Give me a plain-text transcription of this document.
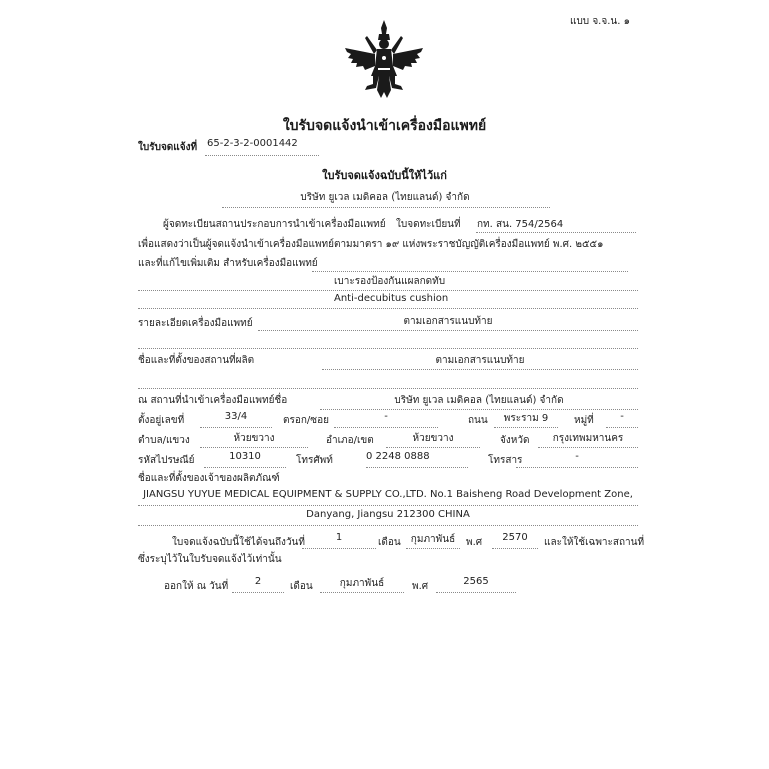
แบบ จ.จ.น. ๑
ใบรับจดแจ้งนำเข้าเครื่องมือแพทย์
ใบรับจดแจ้งที่ 65-2-3-2-0001442
ใบรับจดแจ้งฉบับนี้ให้ไว้แก่
บริษัท ยูเวล เมดิคอล (ไทยแลนด์) จำกัด
ผู้จดทะเบียนสถานประกอบการนำเข้าเครื่องมือแพทย์ ใบจดทะเบียนที่ กท. สน. 754/2564
เพื่อแสดงว่าเป็นผู้จดแจ้งนำเข้าเครื่องมือแพทย์ตามมาตรา ๑๙ แห่งพระราชบัญญัติเครื่องมือแพทย์ พ.ศ. ๒๕๕๑
และที่แก้ไขเพิ่มเติม สำหรับเครื่องมือแพทย์
เบาะรองป้องกันแผลกดทับ
Anti-decubitus cushion
รายละเอียดเครื่องมือแพทย์	ตามเอกสารแนบท้าย
ชื่อและที่ตั้งของสถานที่ผลิต	ตามเอกสารแนบท้าย
ณ สถานที่นำเข้าเครื่องมือแพทย์ชื่อ	บริษัท ยูเวล เมดิคอล (ไทยแลนด์) จำกัด
ตั้งอยู่เลขที่	33/4	ตรอก/ซอย	-	ถนน	พระราม 9	หมู่ที่	-
ตำบล/แขวง	ห้วยขวาง	อำเภอ/เขต	ห้วยขวาง	จังหวัด	กรุงเทพมหานคร
รหัสไปรษณีย์	10310	โทรศัพท์	0 2248 0888	โทรสาร	-
ชื่อและที่ตั้งของเจ้าของผลิตภัณฑ์
JIANGSU YUYUE MEDICAL EQUIPMENT & SUPPLY CO.,LTD. No.1 Baisheng Road Development Zone,
Danyang, Jiangsu 212300 CHINA
ใบจดแจ้งฉบับนี้ใช้ได้จนถึงวันที่	1	เดือน	กุมภาพันธ์	พ.ศ	2570	และให้ใช้เฉพาะสถานที่
ซึ่งระบุไว้ในใบรับจดแจ้งไว้เท่านั้น
ออกให้ ณ วันที่	2	เดือน	กุมภาพันธ์	พ.ศ	2565
